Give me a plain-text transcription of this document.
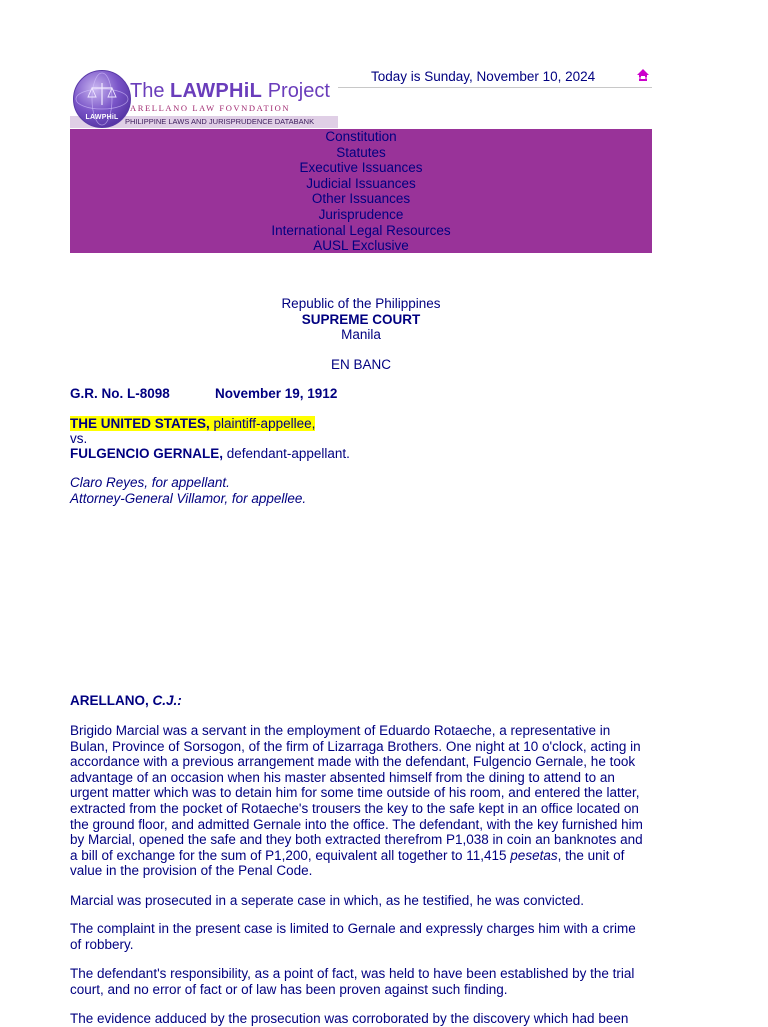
LAWPHiL
The LAWPHiL Project
ARELLANO LAW FOVNDATION
PHILIPPINE LAWS AND JURISPRUDENCE DATABANK
Today is Sunday, November 10, 2024
Constitution
Statutes
Executive Issuances
Judicial Issuances
Other Issuances
Jurisprudence
International Legal Resources
AUSL Exclusive
Republic of the Philippines
SUPREME COURT
Manila
EN BANC
G.R. No. L-8098	November 19, 1912
THE UNITED STATES, plaintiff-appellee,
vs.
FULGENCIO GERNALE, defendant-appellant.
Claro Reyes, for appellant.
Attorney-General Villamor, for appellee.
ARELLANO, C.J.:

Brigido Marcial was a servant in the employment of Eduardo Rotaeche, a representative in Bulan, Province of Sorsogon, of the firm of Lizarraga Brothers. One night at 10 o'clock, acting in accordance with a previous arrangement made with the defendant, Fulgencio Gernale, he took advantage of an occasion when his master absented himself from the dining to attend to an urgent matter which was to detain him for some time outside of his room, and entered the latter, extracted from the pocket of Rotaeche's trousers the key to the safe kept in an office located on the ground floor, and admitted Gernale into the office. The defendant, with the key furnished him by Marcial, opened the safe and they both extracted therefrom P1,038 in coin an banknotes and a bill of exchange for the sum of P1,200, equivalent all together to 11,415 pesetas, the unit of value in the provision of the Penal Code.

Marcial was prosecuted in a seperate case in which, as he testified, he was convicted.

The complaint in the present case is limited to Gernale and expressly charges him with a crime of robbery.

The defendant's responsibility, as a point of fact, was held to have been established by the trial court, and no error of fact or of law has been proven against such finding.

The evidence adduced by the prosecution was corroborated by the discovery which had been
